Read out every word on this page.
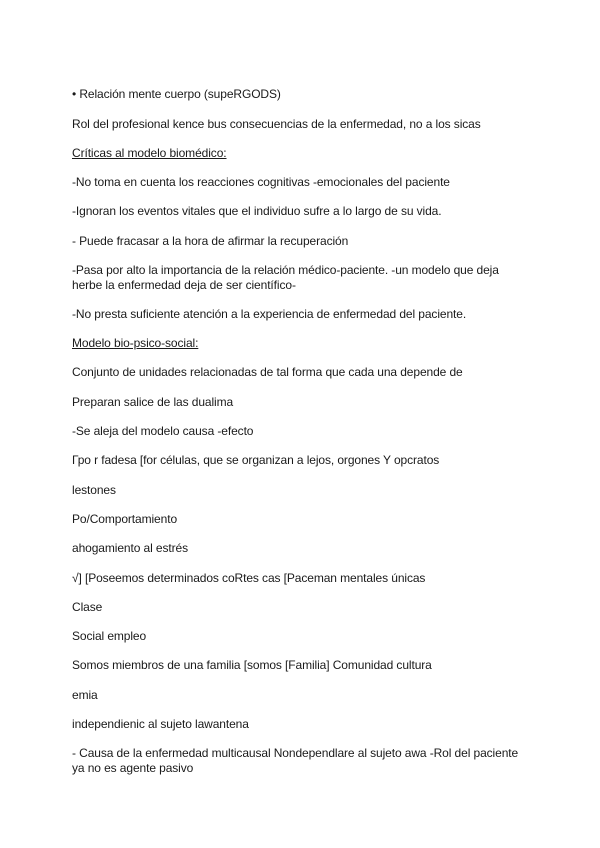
• Relación mente cuerpo (supeRGODS)
Rol del profesional kence bus consecuencias de la enfermedad, no a los sicas
Críticas al modelo biomédico:
-No toma en cuenta los reacciones cognitivas -emocionales del paciente
-Ignoran los eventos vitales que el individuo sufre a lo largo de su vida.
- Puede fracasar a la hora de afirmar la recuperación
-Pasa por alto la importancia de la relación médico-paciente. -un modelo que deja herbe la enfermedad deja de ser científico-
-No presta suficiente atención a la experiencia de enfermedad del paciente.
Modelo bio-psico-social:
Conjunto de unidades relacionadas de tal forma que cada una depende de
Preparan salice de las dualima
-Se aleja del modelo causa -efecto
Гро r fadesa [for células, que se organizan a lejos, orgones Y opcratos
lestones
Po/Comportamiento
ahogamiento al estrés
√] [Poseemos determinados coRtes cas [Paceman mentales únicas
Clase
Social empleo
Somos miembros de una familia [somos [Familia] Comunidad cultura
emia
independienic al sujeto lawantena
- Causa de la enfermedad multicausal Nondependlare al sujeto awa -Rol del paciente ya no es agente pasivo
